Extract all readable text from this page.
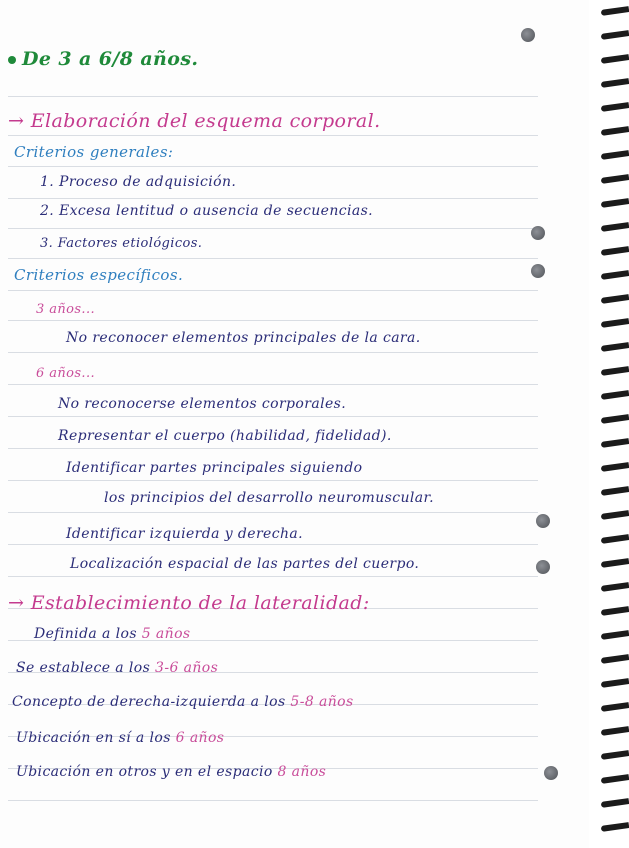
De 3 a 6/8 años.
→ Elaboración del esquema corporal.
Criterios generales:
1. Proceso de adquisición.
2. Excesa lentitud o ausencia de secuencias.
3. Factores etiológicos.
Criterios específicos.
3 años...
No reconocer elementos principales de la cara.
6 años...
No reconocerse elementos corporales.
Representar el cuerpo (habilidad, fidelidad).
Identificar partes principales siguiendo
los principios del desarrollo neuromuscular.
Identificar izquierda y derecha.
Localización espacial de las partes del cuerpo.
→ Establecimiento de la lateralidad:
Definida a los 5 años
Se establece a los 3-6 años
Concepto de derecha-izquierda a los 5-8 años
Ubicación en sí a los 6 años
Ubicación en otros y en el espacio 8 años
